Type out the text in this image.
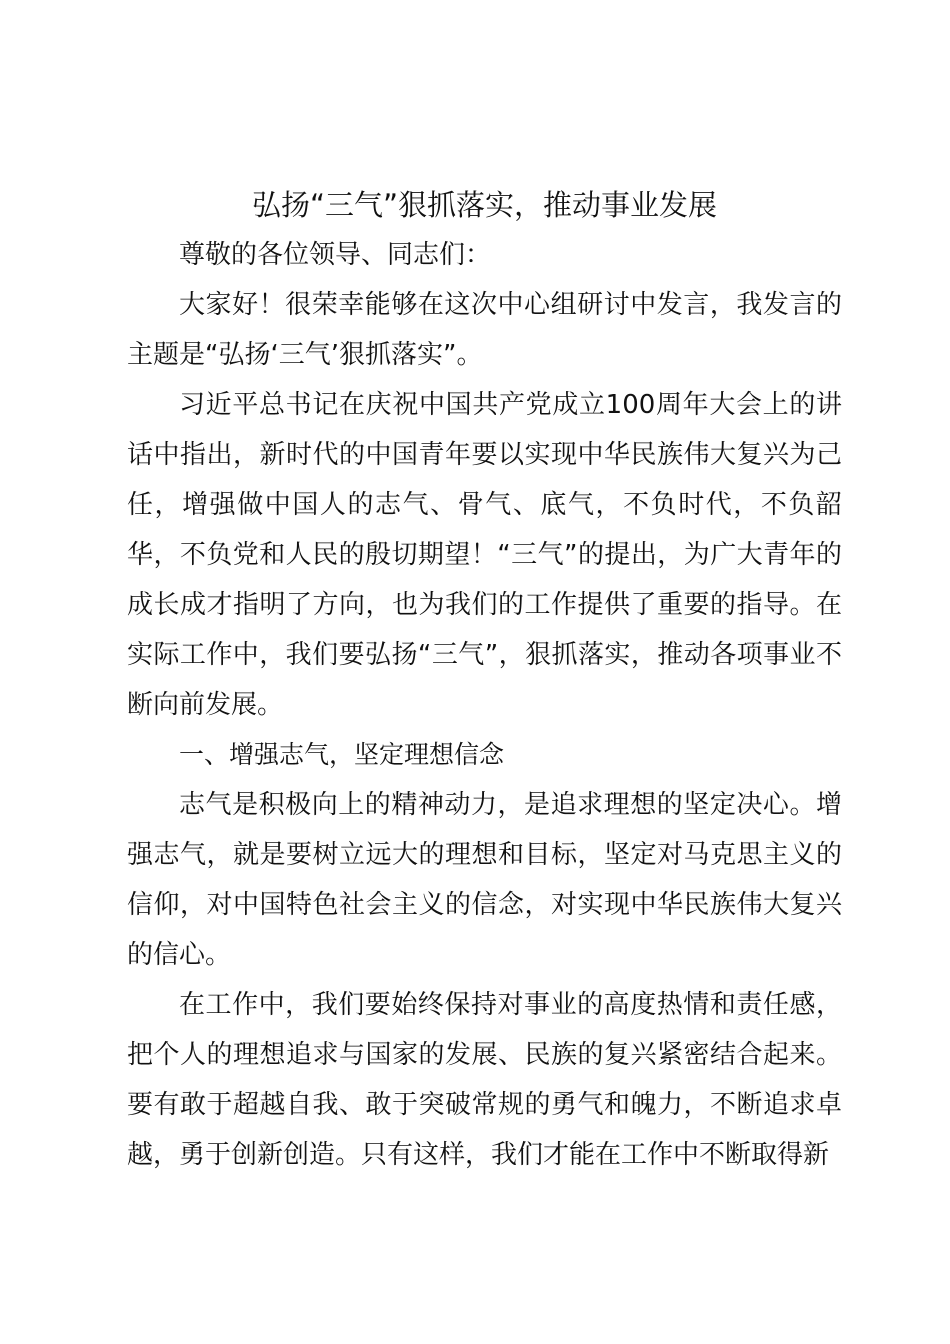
弘扬“三气”狠抓落实，推动事业发展

尊敬的各位领导、同志们：

大家好！很荣幸能够在这次中心组研讨中发言，我发言的主题是“弘扬‘三气’狠抓落实”。

习近平总书记在庆祝中国共产党成立100周年大会上的讲话中指出，新时代的中国青年要以实现中华民族伟大复兴为己任，增强做中国人的志气、骨气、底气，不负时代，不负韶华，不负党和人民的殷切期望！“三气”的提出，为广大青年的成长成才指明了方向，也为我们的工作提供了重要的指导。在实际工作中，我们要弘扬“三气”，狠抓落实，推动各项事业不断向前发展。

一、增强志气，坚定理想信念

志气是积极向上的精神动力，是追求理想的坚定决心。增强志气，就是要树立远大的理想和目标，坚定对马克思主义的信仰，对中国特色社会主义的信念，对实现中华民族伟大复兴的信心。

在工作中，我们要始终保持对事业的高度热情和责任感，把个人的理想追求与国家的发展、民族的复兴紧密结合起来。要有敢于超越自我、敢于突破常规的勇气和魄力，不断追求卓越，勇于创新创造。只有这样，我们才能在工作中不断取得新
